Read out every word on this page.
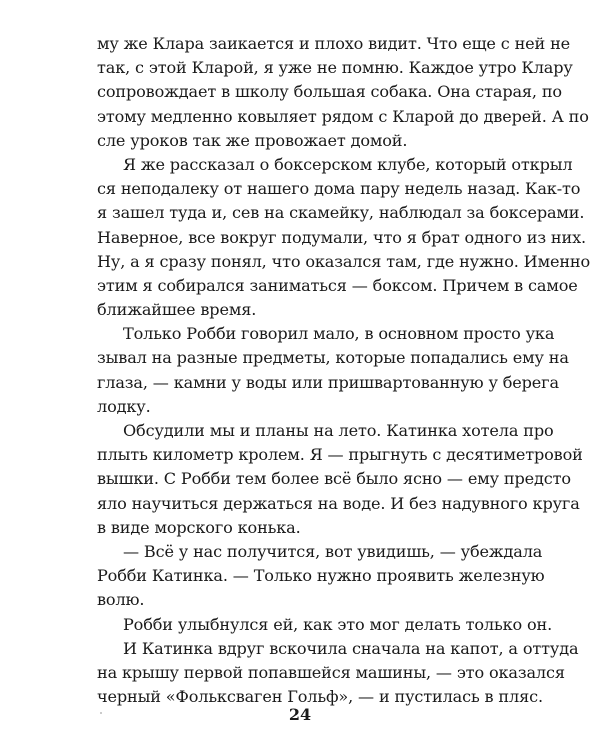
му же Клара заикается и плохо видит. Что еще с ней не
так, с этой Кларой, я уже не помню. Каждое утро Клару
сопровождает в школу большая собака. Она старая, по
этому медленно ковыляет рядом с Кларой до дверей. А по
сле уроков так же провожает домой.
Я же рассказал о боксерском клубе, который открыл
ся неподалеку от нашего дома пару недель назад. Как-то
я зашел туда и, сев на скамейку, наблюдал за боксерами.
Наверное, все вокруг подумали, что я брат одного из них.
Ну, а я сразу понял, что оказался там, где нужно. Именно
этим я собирался заниматься — боксом. Причем в самое
ближайшее время.
Только Робби говорил мало, в основном просто ука
зывал на разные предметы, которые попадались ему на
глаза, — камни у воды или пришвартованную у берега
лодку.
Обсудили мы и планы на лето. Катинка хотела про
плыть километр кролем. Я — прыгнуть с десятиметровой
вышки. С Робби тем более всё было ясно — ему предсто
яло научиться держаться на воде. И без надувного круга
в виде морского конька.
— Всё у нас получится, вот увидишь, — убеждала
Робби Катинка. — Только нужно проявить железную
волю.
Робби улыбнулся ей, как это мог делать только он.
И Катинка вдруг вскочила сначала на капот, а оттуда
на крышу первой попавшейся машины, — это оказался
черный «Фольксваген Гольф», — и пустилась в пляс.
24
